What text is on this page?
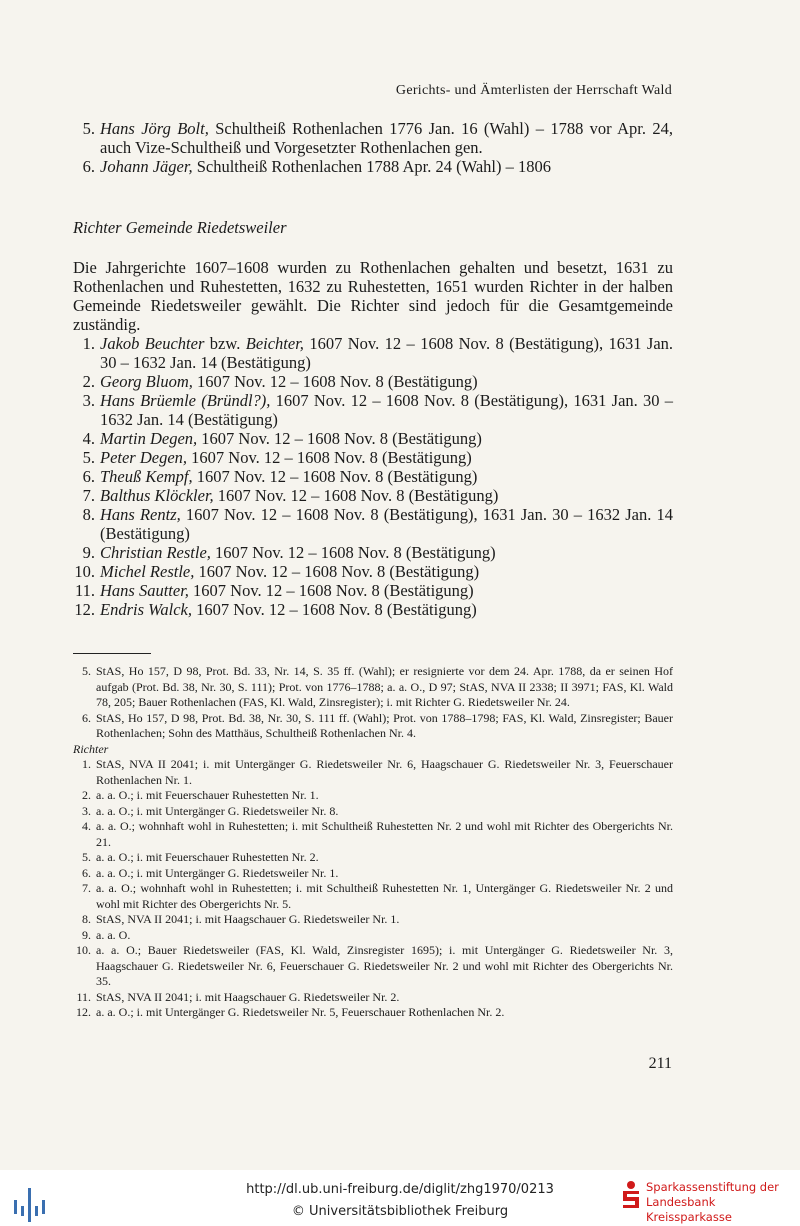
Gerichts- und Ämterlisten der Herrschaft Wald
5. Hans Jörg Bolt, Schultheiß Rothenlachen 1776 Jan. 16 (Wahl) – 1788 vor Apr. 24, auch Vize-Schultheiß und Vorgesetzter Rothenlachen gen.
6. Johann Jäger, Schultheiß Rothenlachen 1788 Apr. 24 (Wahl) – 1806
Richter Gemeinde Riedetsweiler
Die Jahrgerichte 1607–1608 wurden zu Rothenlachen gehalten und besetzt, 1631 zu Rothenlachen und Ruhestetten, 1632 zu Ruhestetten, 1651 wurden Richter in der halben Gemeinde Riedetsweiler gewählt. Die Richter sind jedoch für die Gesamtgemeinde zuständig.
1. Jakob Beuchter bzw. Beichter, 1607 Nov. 12 – 1608 Nov. 8 (Bestätigung), 1631 Jan. 30 – 1632 Jan. 14 (Bestätigung)
2. Georg Bluom, 1607 Nov. 12 – 1608 Nov. 8 (Bestätigung)
3. Hans Brüemle (Bründl?), 1607 Nov. 12 – 1608 Nov. 8 (Bestätigung), 1631 Jan. 30 – 1632 Jan. 14 (Bestätigung)
4. Martin Degen, 1607 Nov. 12 – 1608 Nov. 8 (Bestätigung)
5. Peter Degen, 1607 Nov. 12 – 1608 Nov. 8 (Bestätigung)
6. Theuß Kempf, 1607 Nov. 12 – 1608 Nov. 8 (Bestätigung)
7. Balthus Klöckler, 1607 Nov. 12 – 1608 Nov. 8 (Bestätigung)
8. Hans Rentz, 1607 Nov. 12 – 1608 Nov. 8 (Bestätigung), 1631 Jan. 30 – 1632 Jan. 14 (Bestätigung)
9. Christian Restle, 1607 Nov. 12 – 1608 Nov. 8 (Bestätigung)
10. Michel Restle, 1607 Nov. 12 – 1608 Nov. 8 (Bestätigung)
11. Hans Sautter, 1607 Nov. 12 – 1608 Nov. 8 (Bestätigung)
12. Endris Walck, 1607 Nov. 12 – 1608 Nov. 8 (Bestätigung)
5. StAS, Ho 157, D 98, Prot. Bd. 33, Nr. 14, S. 35 ff. (Wahl); er resignierte vor dem 24. Apr. 1788, da er seinen Hof aufgab (Prot. Bd. 38, Nr. 30, S. 111); Prot. von 1776–1788; a. a. O., D 97; StAS, NVA II 2338; II 3971; FAS, Kl. Wald 78, 205; Bauer Rothenlachen (FAS, Kl. Wald, Zinsregister); i. mit Richter G. Riedetsweiler Nr. 24.
6. StAS, Ho 157, D 98, Prot. Bd. 38, Nr. 30, S. 111 ff. (Wahl); Prot. von 1788–1798; FAS, Kl. Wald, Zinsregister; Bauer Rothenlachen; Sohn des Matthäus, Schultheiß Rothenlachen Nr. 4.
Richter
1. StAS, NVA II 2041; i. mit Untergänger G. Riedetsweiler Nr. 6, Haagschauer G. Riedetsweiler Nr. 3, Feuerschauer Rothenlachen Nr. 1.
2. a. a. O.; i. mit Feuerschauer Ruhestetten Nr. 1.
3. a. a. O.; i. mit Untergänger G. Riedetsweiler Nr. 8.
4. a. a. O.; wohnhaft wohl in Ruhestetten; i. mit Schultheiß Ruhestetten Nr. 2 und wohl mit Richter des Obergerichts Nr. 21.
5. a. a. O.; i. mit Feuerschauer Ruhestetten Nr. 2.
6. a. a. O.; i. mit Untergänger G. Riedetsweiler Nr. 1.
7. a. a. O.; wohnhaft wohl in Ruhestetten; i. mit Schultheiß Ruhestetten Nr. 1, Untergänger G. Riedetsweiler Nr. 2 und wohl mit Richter des Obergerichts Nr. 5.
8. StAS, NVA II 2041; i. mit Haagschauer G. Riedetsweiler Nr. 1.
9. a. a. O.
10. a. a. O.; Bauer Riedetsweiler (FAS, Kl. Wald, Zinsregister 1695); i. mit Untergänger G. Riedetsweiler Nr. 3, Haagschauer G. Riedetsweiler Nr. 6, Feuerschauer G. Riedetsweiler Nr. 2 und wohl mit Richter des Obergerichts Nr. 35.
11. StAS, NVA II 2041; i. mit Haagschauer G. Riedetsweiler Nr. 2.
12. a. a. O.; i. mit Untergänger G. Riedetsweiler Nr. 5, Feuerschauer Rothenlachen Nr. 2.
211
http://dl.ub.uni-freiburg.de/diglit/zhg1970/0213
© Universitätsbibliothek Freiburg
Sparkassenstiftung der
Landesbank Kreissparkasse
